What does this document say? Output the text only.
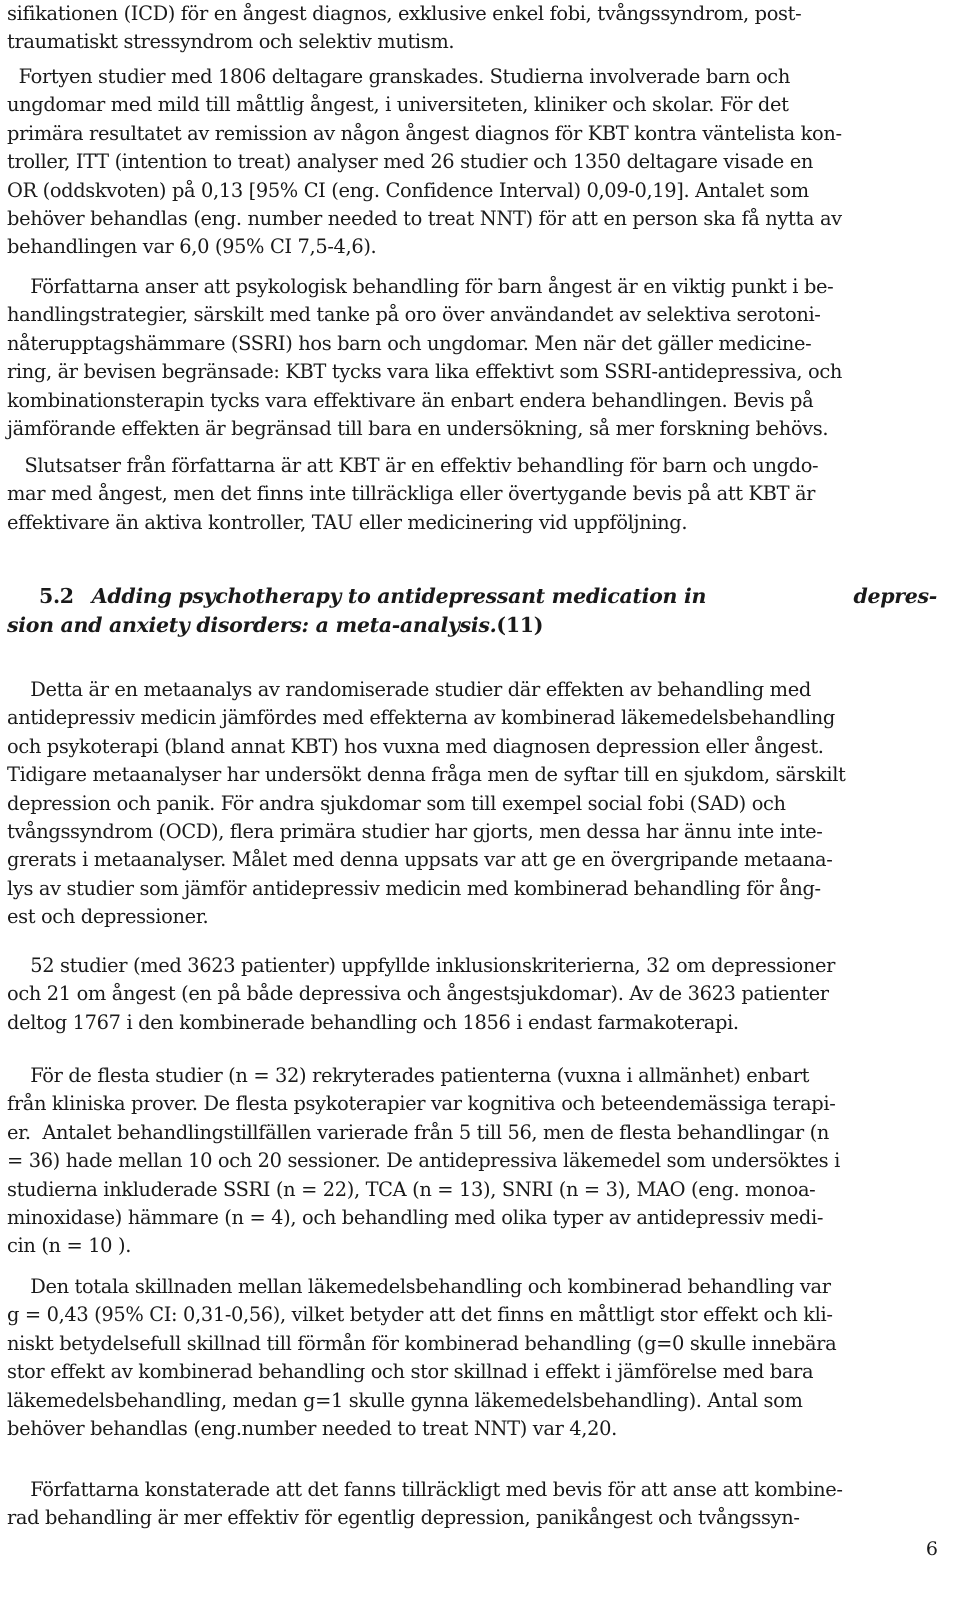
sifikationen (ICD) för en ångest diagnos, exklusive enkel fobi, tvångssyndrom, post-
traumatiskt stressyndrom och selektiv mutism.

Fortyen studier med 1806 deltagare granskades. Studierna involverade barn och
ungdomar med mild till måttlig ångest, i universiteten, kliniker och skolar. För det
primära resultatet av remission av någon ångest diagnos för KBT kontra väntelista kon-
troller, ITT (intention to treat) analyser med 26 studier och 1350 deltagare visade en
OR (oddskvoten) på 0,13 [95% CI (eng. Confidence Interval) 0,09-0,19]. Antalet som
behöver behandlas (eng. number needed to treat NNT) för att en person ska få nytta av
behandlingen var 6,0 (95% CI 7,5-4,6).

Författarna anser att psykologisk behandling för barn ångest är en viktig punkt i be-
handlingstrategier, särskilt med tanke på oro över användandet av selektiva serotoni-
nåterupptagshämmare (SSRI) hos barn och ungdomar. Men när det gäller medicine-
ring, är bevisen begränsade: KBT tycks vara lika effektivt som SSRI-antidepressiva, och
kombinationsterapin tycks vara effektivare än enbart endera behandlingen. Bevis på
jämförande effekten är begränsad till bara en undersökning, så mer forskning behövs.

Slutsatser från författarna är att KBT är en effektiv behandling för barn och ungdo-
mar med ångest, men det finns inte tillräckliga eller övertygande bevis på att KBT är
effektivare än aktiva kontroller, TAU eller medicinering vid uppföljning.

5.2 Adding psychotherapy to antidepressant medication in	depres-
sion and anxiety disorders: a meta-analysis.(11)

Detta är en metaanalys av randomiserade studier där effekten av behandling med
antidepressiv medicin jämfördes med effekterna av kombinerad läkemedelsbehandling
och psykoterapi (bland annat KBT) hos vuxna med diagnosen depression eller ångest.
Tidigare metaanalyser har undersökt denna fråga men de syftar till en sjukdom, särskilt
depression och panik. För andra sjukdomar som till exempel social fobi (SAD) och
tvångssyndrom (OCD), flera primära studier har gjorts, men dessa har ännu inte inte-
grerats i metaanalyser. Målet med denna uppsats var att ge en övergripande metaana-
lys av studier som jämför antidepressiv medicin med kombinerad behandling för ång-
est och depressioner.

52 studier (med 3623 patienter) uppfyllde inklusionskriterierna, 32 om depressioner
och 21 om ångest (en på både depressiva och ångestsjukdomar). Av de 3623 patienter
deltog 1767 i den kombinerade behandling och 1856 i endast farmakoterapi.

För de flesta studier (n = 32) rekryterades patienterna (vuxna i allmänhet) enbart
från kliniska prover. De flesta psykoterapier var kognitiva och beteendemässiga terapi-
er.  Antalet behandlingstillfällen varierade från 5 till 56, men de flesta behandlingar (n
= 36) hade mellan 10 och 20 sessioner. De antidepressiva läkemedel som undersöktes i
studierna inkluderade SSRI (n = 22), TCA (n = 13), SNRI (n = 3), MAO (eng. monoa-
minoxidase) hämmare (n = 4), och behandling med olika typer av antidepressiv medi-
cin (n = 10 ).

Den totala skillnaden mellan läkemedelsbehandling och kombinerad behandling var
g = 0,43 (95% CI: 0,31-0,56), vilket betyder att det finns en måttligt stor effekt och kli-
niskt betydelsefull skillnad till förmån för kombinerad behandling (g=0 skulle innebära
stor effekt av kombinerad behandling och stor skillnad i effekt i jämförelse med bara
läkemedelsbehandling, medan g=1 skulle gynna läkemedelsbehandling). Antal som
behöver behandlas (eng.number needed to treat NNT) var 4,20.

Författarna konstaterade att det fanns tillräckligt med bevis för att anse att kombine-
rad behandling är mer effektiv för egentlig depression, panikångest och tvångssyn-

6
